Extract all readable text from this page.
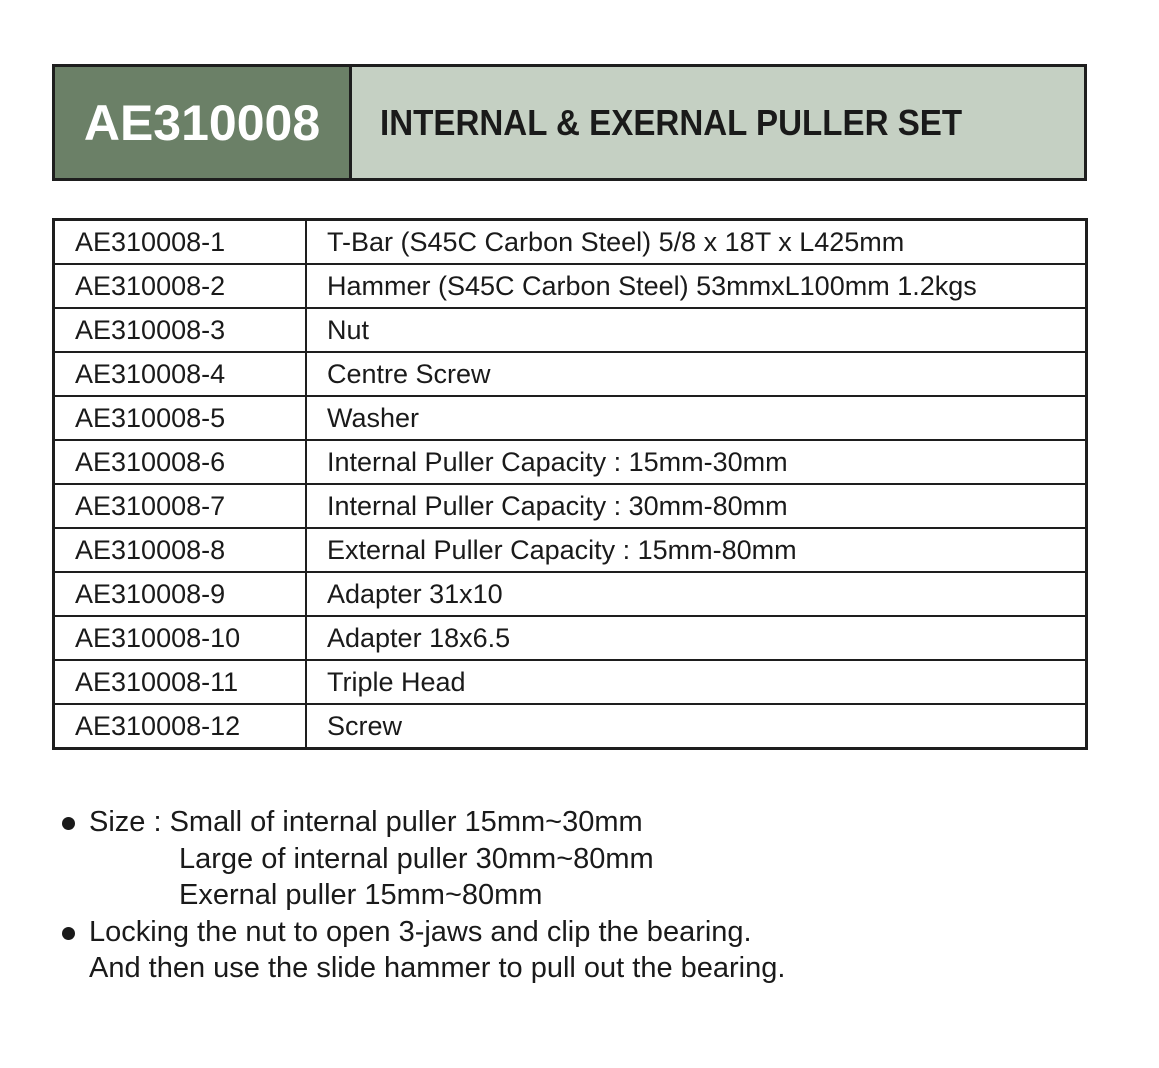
AE310008	INTERNAL & EXERNAL PULLER SET
AE310008-1	T-Bar (S45C Carbon Steel) 5/8 x 18T x L425mm
AE310008-2	Hammer (S45C Carbon Steel) 53mmxL100mm 1.2kgs
AE310008-3	Nut
AE310008-4	Centre Screw
AE310008-5	Washer
AE310008-6	Internal Puller Capacity : 15mm-30mm
AE310008-7	Internal Puller Capacity : 30mm-80mm
AE310008-8	External Puller Capacity : 15mm-80mm
AE310008-9	Adapter 31x10
AE310008-10	Adapter 18x6.5
AE310008-11	Triple Head
AE310008-12	Screw
Size : Small of internal puller 15mm~30mm
Large of internal puller 30mm~80mm
Exernal puller 15mm~80mm
Locking the nut to open 3-jaws and clip the bearing.
And then use the slide hammer to pull out the bearing.
